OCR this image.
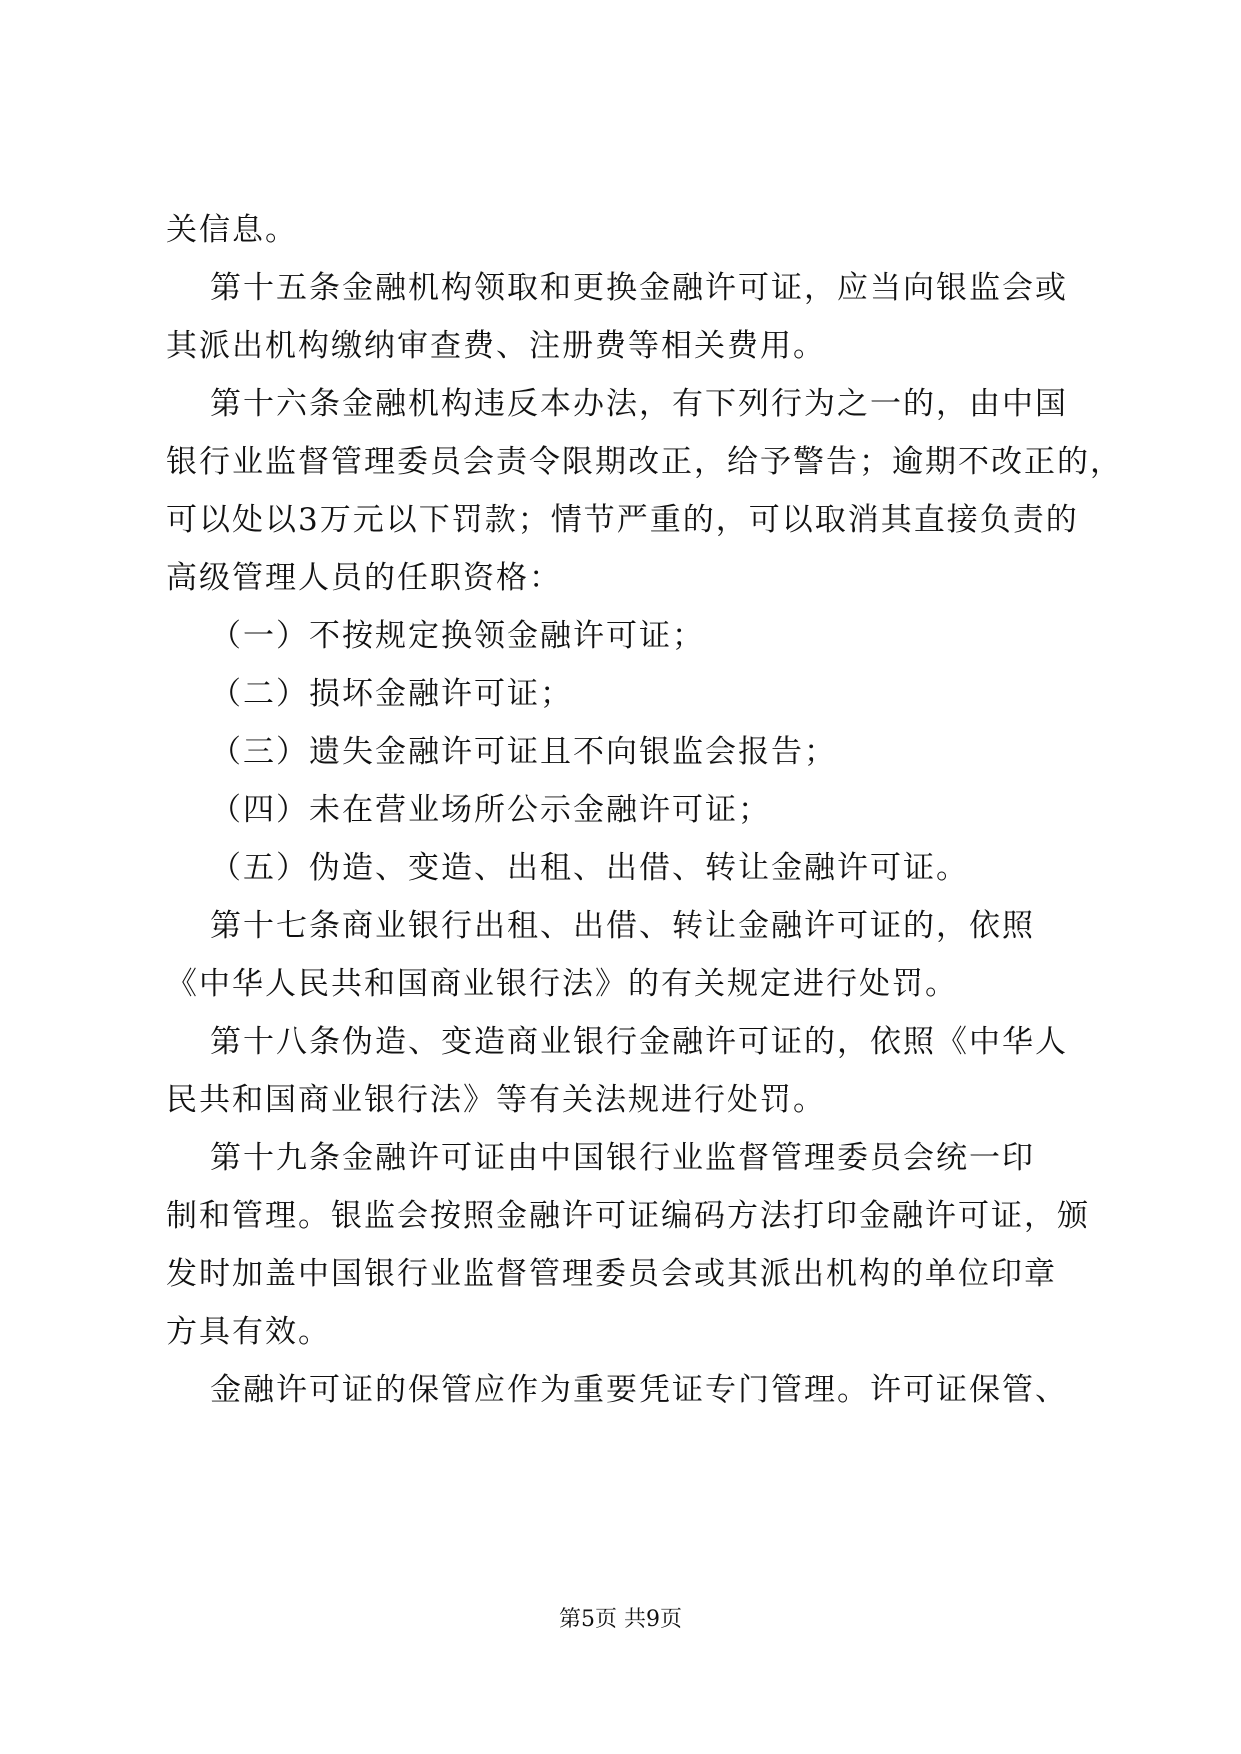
关信息。
第十五条金融机构领取和更换金融许可证，应当向银监会或
其派出机构缴纳审查费、注册费等相关费用。
第十六条金融机构违反本办法，有下列行为之一的，由中国
银行业监督管理委员会责令限期改正，给予警告；逾期不改正的，
可以处以3万元以下罚款；情节严重的，可以取消其直接负责的
高级管理人员的任职资格：
（一）不按规定换领金融许可证；
（二）损坏金融许可证；
（三）遗失金融许可证且不向银监会报告；
（四）未在营业场所公示金融许可证；
（五）伪造、变造、出租、出借、转让金融许可证。
第十七条商业银行出租、出借、转让金融许可证的，依照
《中华人民共和国商业银行法》的有关规定进行处罚。
第十八条伪造、变造商业银行金融许可证的，依照《中华人
民共和国商业银行法》等有关法规进行处罚。
第十九条金融许可证由中国银行业监督管理委员会统一印
制和管理。银监会按照金融许可证编码方法打印金融许可证，颁
发时加盖中国银行业监督管理委员会或其派出机构的单位印章
方具有效。
金融许可证的保管应作为重要凭证专门管理。许可证保管、
第5页 共9页
